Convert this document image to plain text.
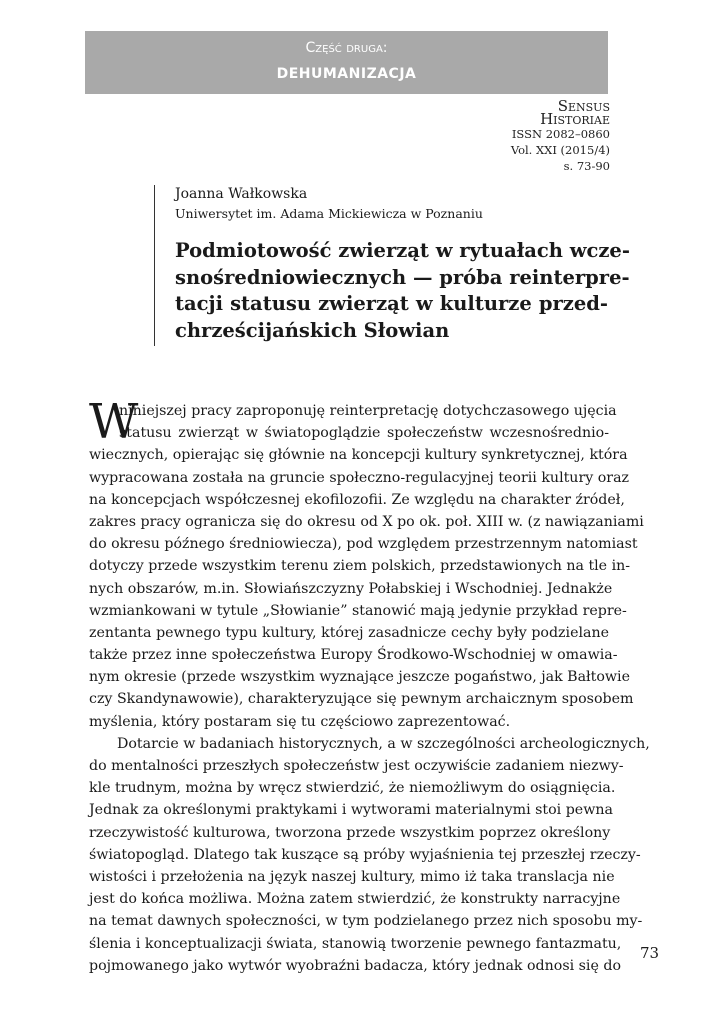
Część druga:
DEHUMANIZACJA
Sensus
Historiae
ISSN 2082–0860
Vol. XXI (2015/4)
s. 73-90
Joanna Wałkowska
Uniwersytet im. Adama Mickiewicza w Poznaniu
Podmiotowość zwierząt w rytuałach wcze-
snośredniowiecznych — próba reinterpre-
tacji statusu zwierząt w kulturze przed-
chrześcijańskich Słowian
W
niniejszej pracy zaproponuję reinterpretację dotychczasowego ujęcia
statusu zwierząt w światopoglądzie społeczeństw wczesnośrednio-
wiecznych, opierając się głównie na koncepcji kultury synkretycznej, która
wypracowana została na gruncie społeczno-regulacyjnej teorii kultury oraz
na koncepcjach współczesnej ekofilozofii. Ze względu na charakter źródeł,
zakres pracy ogranicza się do okresu od X po ok. poł. XIII w. (z nawiązaniami
do okresu późnego średniowiecza), pod względem przestrzennym natomiast
dotyczy przede wszystkim terenu ziem polskich, przedstawionych na tle in-
nych obszarów, m.in. Słowiańszczyzny Połabskiej i Wschodniej. Jednakże
wzmiankowani w tytule „Słowianie” stanowić mają jedynie przykład repre-
zentanta pewnego typu kultury, której zasadnicze cechy były podzielane
także przez inne społeczeństwa Europy Środkowo-Wschodniej w omawia-
nym okresie (przede wszystkim wyznające jeszcze pogaństwo, jak Bałtowie
czy Skandynawowie), charakteryzujące się pewnym archaicznym sposobem
myślenia, który postaram się tu częściowo zaprezentować.
Dotarcie w badaniach historycznych, a w szczególności archeologicznych,
do mentalności przeszłych społeczeństw jest oczywiście zadaniem niezwy-
kle trudnym, można by wręcz stwierdzić, że niemożliwym do osiągnięcia.
Jednak za określonymi praktykami i wytworami materialnymi stoi pewna
rzeczywistość kulturowa, tworzona przede wszystkim poprzez określony
światopogląd. Dlatego tak kuszące są próby wyjaśnienia tej przeszłej rzeczy-
wistości i przełożenia na język naszej kultury, mimo iż taka translacja nie
jest do końca możliwa. Można zatem stwierdzić, że konstrukty narracyjne
na temat dawnych społeczności, w tym podzielanego przez nich sposobu my-
ślenia i konceptualizacji świata, stanowią tworzenie pewnego fantazmatu,
pojmowanego jako wytwór wyobraźni badacza, który jednak odnosi się do
73
